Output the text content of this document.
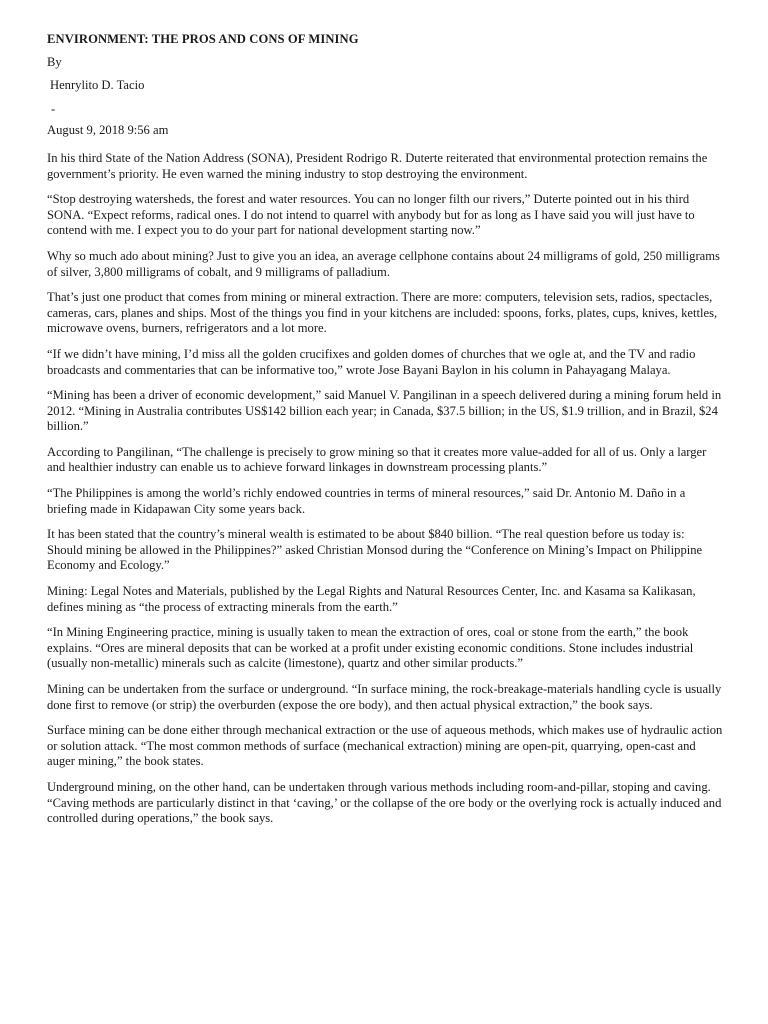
ENVIRONMENT: THE PROS AND CONS OF MINING
By
Henrylito D. Tacio
-
August 9, 2018 9:56 am
In his third State of the Nation Address (SONA), President Rodrigo R. Duterte reiterated that environmental protection remains the government’s priority. He even warned the mining industry to stop destroying the environment.
“Stop destroying watersheds, the forest and water resources. You can no longer filth our rivers,” Duterte pointed out in his third SONA. “Expect reforms, radical ones. I do not intend to quarrel with anybody but for as long as I have said you will just have to contend with me. I expect you to do your part for national development starting now.”
Why so much ado about mining? Just to give you an idea, an average cellphone contains about 24 milligrams of gold, 250 milligrams of silver, 3,800 milligrams of cobalt, and 9 milligrams of palladium.
That’s just one product that comes from mining or mineral extraction. There are more: computers, television sets, radios, spectacles, cameras, cars, planes and ships. Most of the things you find in your kitchens are included: spoons, forks, plates, cups, knives, kettles, microwave ovens, burners, refrigerators and a lot more.
“If we didn’t have mining, I’d miss all the golden crucifixes and golden domes of churches that we ogle at, and the TV and radio broadcasts and commentaries that can be informative too,” wrote Jose Bayani Baylon in his column in Pahayagang Malaya.
“Mining has been a driver of economic development,” said Manuel V. Pangilinan in a speech delivered during a mining forum held in 2012. “Mining in Australia contributes US$142 billion each year; in Canada, $37.5 billion; in the US, $1.9 trillion, and in Brazil, $24 billion.”
According to Pangilinan, “The challenge is precisely to grow mining so that it creates more value-added for all of us. Only a larger and healthier industry can enable us to achieve forward linkages in downstream processing plants.”
“The Philippines is among the world’s richly endowed countries in terms of mineral resources,” said Dr. Antonio M. Daño in a briefing made in Kidapawan City some years back.
It has been stated that the country’s mineral wealth is estimated to be about $840 billion. “The real question before us today is: Should mining be allowed in the Philippines?” asked Christian Monsod during the “Conference on Mining’s Impact on Philippine Economy and Ecology.”
Mining: Legal Notes and Materials, published by the Legal Rights and Natural Resources Center, Inc. and Kasama sa Kalikasan, defines mining as “the process of extracting minerals from the earth.”
“In Mining Engineering practice, mining is usually taken to mean the extraction of ores, coal or stone from the earth,” the book explains. “Ores are mineral deposits that can be worked at a profit under existing economic conditions. Stone includes industrial (usually non-metallic) minerals such as calcite (limestone), quartz and other similar products.”
Mining can be undertaken from the surface or underground. “In surface mining, the rock-breakage-materials handling cycle is usually done first to remove (or strip) the overburden (expose the ore body), and then actual physical extraction,” the book says.
Surface mining can be done either through mechanical extraction or the use of aqueous methods, which makes use of hydraulic action or solution attack. “The most common methods of surface (mechanical extraction) mining are open-pit, quarrying, open-cast and auger mining,” the book states.
Underground mining, on the other hand, can be undertaken through various methods including room-and-pillar, stoping and caving. “Caving methods are particularly distinct in that ‘caving,’ or the collapse of the ore body or the overlying rock is actually induced and controlled during operations,” the book says.
